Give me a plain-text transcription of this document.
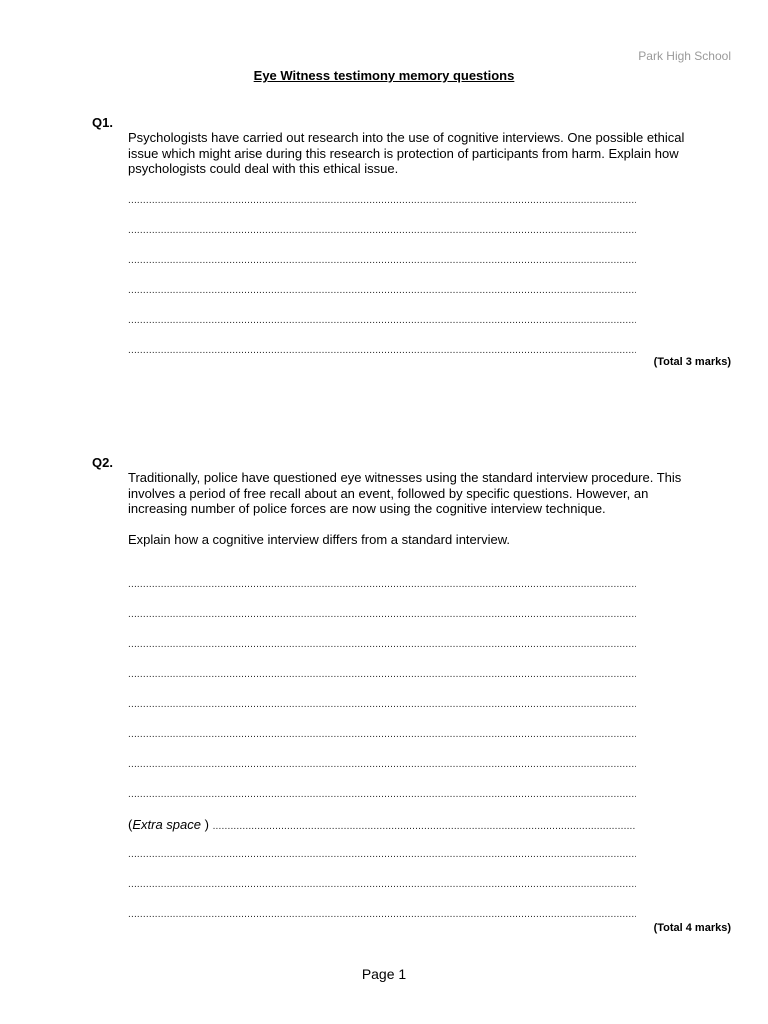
Park High School
Eye Witness testimony memory questions
Q1.

Psychologists have carried out research into the use of cognitive interviews. One possible ethical issue which might arise during this research is protection of participants from harm. Explain how psychologists could deal with this ethical issue.

.....
.....
.....
.....
.....
.....
(Total 3 marks)
Q2.

Traditionally, police have questioned eye witnesses using the standard interview procedure. This involves a period of free recall about an event, followed by specific questions. However, an increasing number of police forces are now using the cognitive interview technique.

Explain how a cognitive interview differs from a standard interview.

.....
.....
.....
.....
.....
.....
.....
.....
(Extra space ) .....
.....
.....
.....
(Total 4 marks)
Page 1
